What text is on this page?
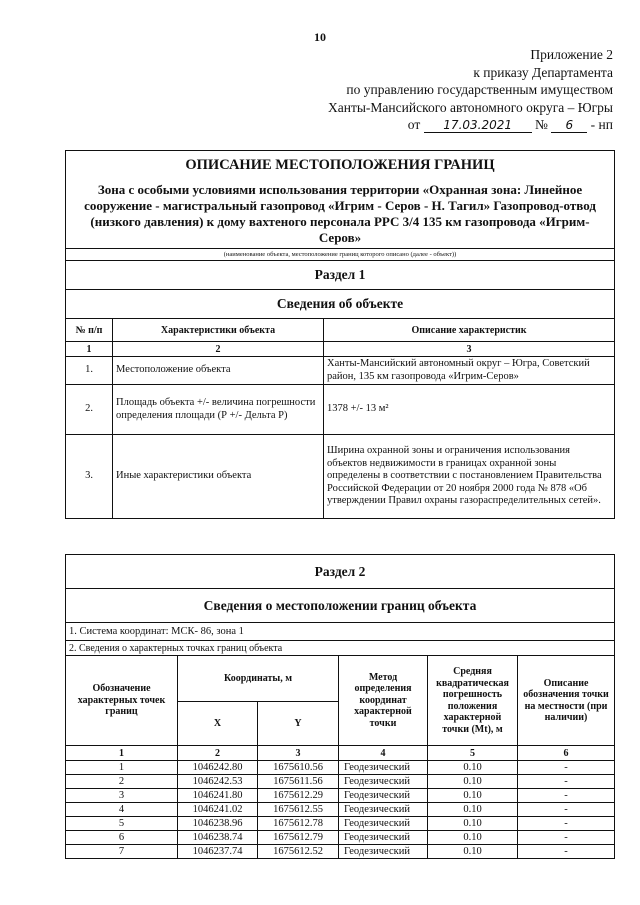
10
Приложение 2
к приказу Департамента
по управлению государственным имуществом
Ханты-Мансийского автономного округа – Югры
от 17.03.2021 № 6 - нп
ОПИСАНИЕ МЕСТОПОЛОЖЕНИЯ ГРАНИЦ
Зона с особыми условиями использования территории «Охранная зона: Линейное сооружение - магистральный газопровод «Игрим - Серов - Н. Тагил» Газопровод-отвод (низкого давления) к дому вахтеного персонала РРС 3/4 135 км газопровода «Игрим-Серов»		

(наименование объекта, местоположение границ которого описано (далее - объект))		
Раздел 1		
Сведения об объекте		
№ п/п	Характеристики объекта	Описание характеристик
1	2	3
1.	Местоположение объекта	Ханты-Мансийский автономный округ – Югра, Советский район, 135 км газопровода «Игрим-Серов»
2.	Площадь объекта +/- величина погрешности определения площади (Р +/- Дельта Р)	1378 +/- 13 м²
3.	Иные характеристики объекта	Ширина охранной зоны и ограничения использования объектов недвижимости в границах охранной зоны определены в соответствии с постановлением Правительства Российской Федерации от 20 ноября 2000 года № 878 «Об утверждении Правил охраны газораспределительных сетей».
Раздел 2					
Сведения о местоположении границ объекта					
1. Система координат: МСК- 86, зона 1					
2. Сведения о характерных точках границ объекта					
Обозначение характерных точек границ	Координаты, м		Метод определения координат характерной точки	Средняя квадратическая погрешность положения характерной точки (Mt), м	Описание обозначения точки на местности (при наличии)
	X	Y			
1	2	3	4	5	6
1	1046242.80	1675610.56	Геодезический	0.10	-
2	1046242.53	1675611.56	Геодезический	0.10	-
3	1046241.80	1675612.29	Геодезический	0.10	-
4	1046241.02	1675612.55	Геодезический	0.10	-
5	1046238.96	1675612.78	Геодезический	0.10	-
6	1046238.74	1675612.79	Геодезический	0.10	-
7	1046237.74	1675612.52	Геодезический	0.10	-
